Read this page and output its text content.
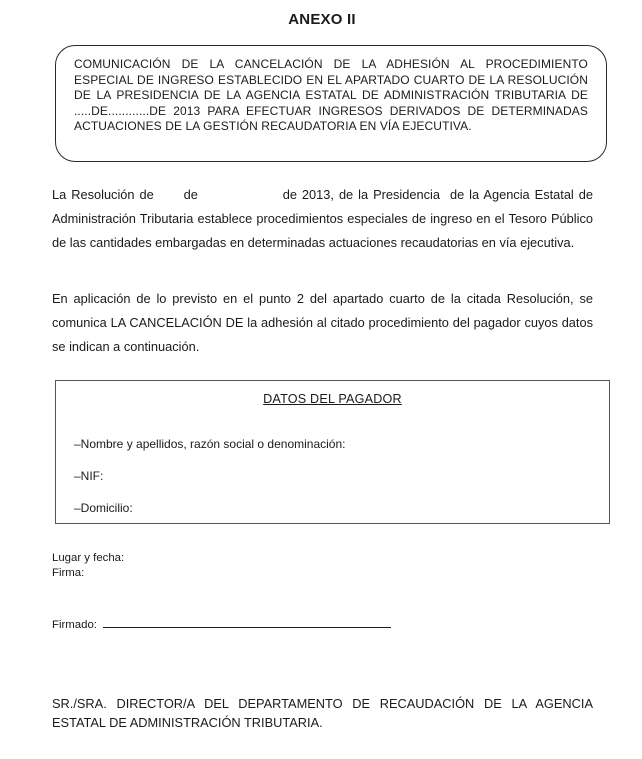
ANEXO II

COMUNICACIÓN DE LA CANCELACIÓN DE LA ADHESIÓN AL PROCEDIMIENTO ESPECIAL DE INGRESO ESTABLECIDO EN EL APARTADO CUARTO DE LA RESOLUCIÓN DE LA PRESIDENCIA DE LA AGENCIA ESTATAL DE ADMINISTRACIÓN TRIBUTARIA DE .....DE............DE 2013 PARA EFECTUAR INGRESOS DERIVADOS DE DETERMINADAS ACTUACIONES DE LA GESTIÓN RECAUDATORIA EN VÍA EJECUTIVA.

La Resolución de      de                 de 2013, de la Presidencia  de la Agencia Estatal de Administración Tributaria establece procedimientos especiales de ingreso en el Tesoro Público de las cantidades embargadas en determinadas actuaciones recaudatorias en vía ejecutiva.

En aplicación de lo previsto en el punto 2 del apartado cuarto de la citada Resolución, se comunica LA CANCELACIÓN DE la adhesión al citado procedimiento del pagador cuyos datos se indican a continuación.

DATOS DEL PAGADOR
–Nombre y apellidos, razón social o denominación:
–NIF:
–Domicilio:
Lugar y fecha:
Firma:
Firmado:

SR./SRA. DIRECTOR/A DEL DEPARTAMENTO DE RECAUDACIÓN DE LA AGENCIA ESTATAL DE ADMINISTRACIÓN TRIBUTARIA.
